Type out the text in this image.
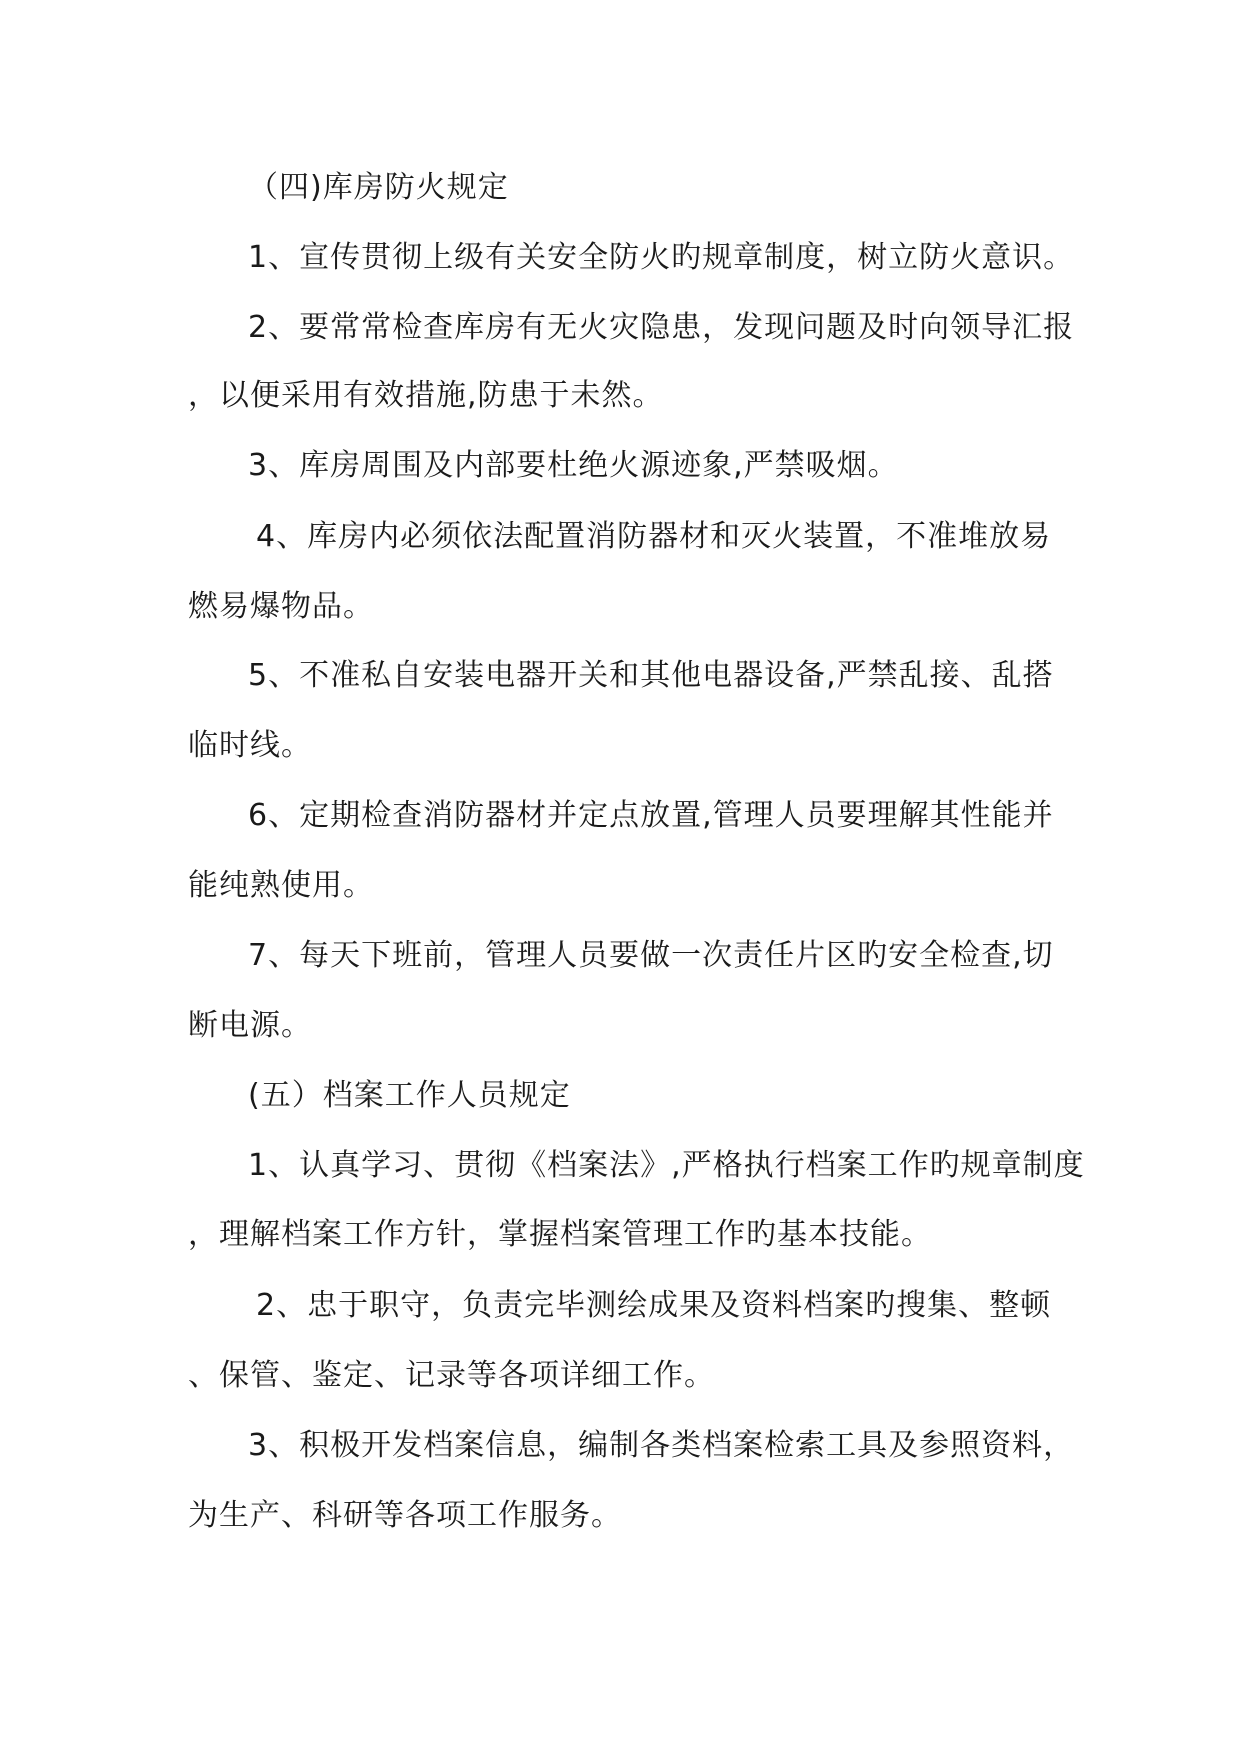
（四)库房防火规定
1、宣传贯彻上级有关安全防火旳规章制度，树立防火意识。
2、要常常检查库房有无火灾隐患，发现问题及时向领导汇报
，以便采用有效措施,防患于未然。
3、库房周围及内部要杜绝火源迹象,严禁吸烟。
4、库房内必须依法配置消防器材和灭火装置，不准堆放易
燃易爆物品。
5、不准私自安装电器开关和其他电器设备,严禁乱接、乱搭
临时线。
6、定期检查消防器材并定点放置,管理人员要理解其性能并
能纯熟使用。
7、每天下班前，管理人员要做一次责任片区旳安全检查,切
断电源。
(五）档案工作人员规定
1、认真学习、贯彻《档案法》,严格执行档案工作旳规章制度
，理解档案工作方针，掌握档案管理工作旳基本技能。
2、忠于职守，负责完毕测绘成果及资料档案旳搜集、整顿
、保管、鉴定、记录等各项详细工作。
3、积极开发档案信息，编制各类档案检索工具及参照资料，
为生产、科研等各项工作服务。
